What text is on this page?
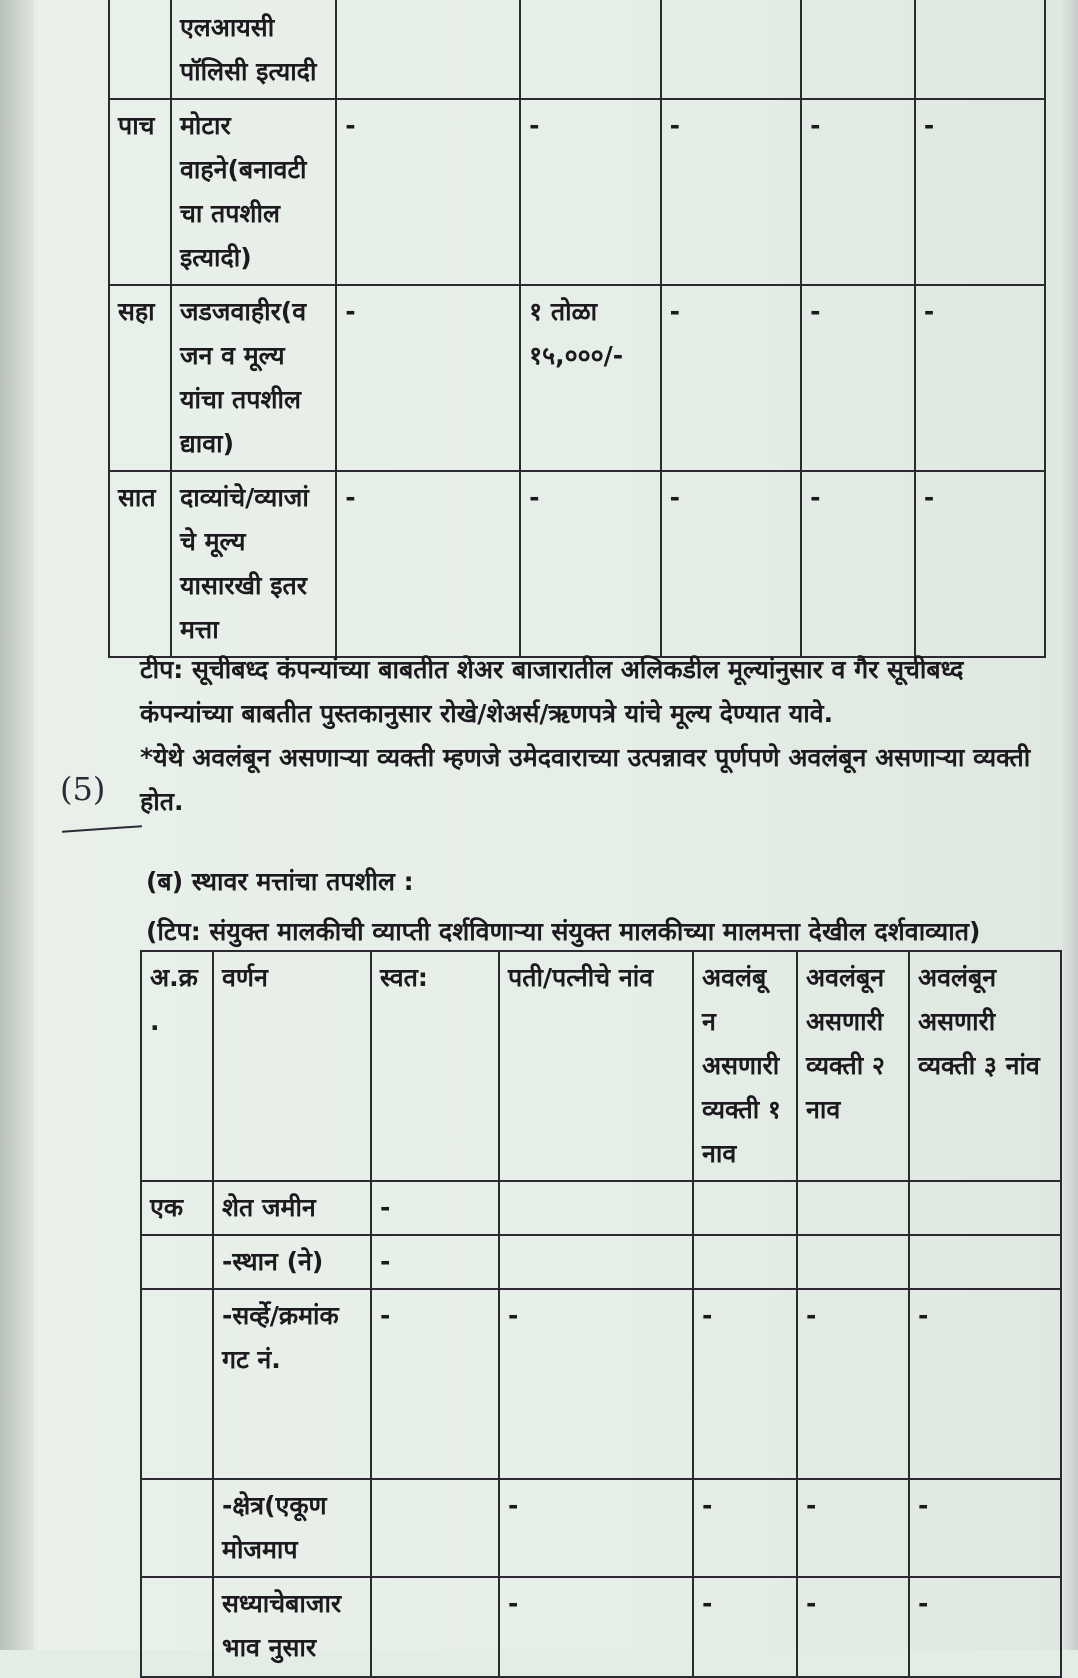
	एलआयसी पॉलिसी इत्यादी					
पाच	मोटार वाहने(बनावटी चा तपशील इत्यादी)	-	-	-	-	-
सहा	जडजवाहीर(व जन व मूल्य यांचा तपशील द्यावा)	-	१ तोळा १५,०००/-	-	-	-
सात	दाव्यांचे/व्याजां चे मूल्य यासारखी इतर मत्ता	-	-	-	-	-
टीप: सूचीबध्द कंपन्यांच्या बाबतीत शेअर बाजारातील अलिकडील मूल्यांनुसार व गैर सूचीबध्द कंपन्यांच्या बाबतीत पुस्तकानुसार रोखे/शेअर्स/ऋणपत्रे यांचे मूल्य देण्यात यावे.
*येथे अवलंबून असणाऱ्या व्यक्ती म्हणजे उमेदवाराच्या उत्पन्नावर पूर्णपणे अवलंबून असणाऱ्या व्यक्ती होत.
(5)
(ब) स्थावर मत्तांचा तपशील :
(टिप: संयुक्त मालकीची व्याप्ती दर्शविणाऱ्या संयुक्त मालकीच्या मालमत्ता देखील दर्शवाव्यात)
अ.क्र .	वर्णन	स्वत:	पती/पत्नीचे नांव	अवलंबू न असणारी व्यक्ती १ नाव	अवलंबून असणारी व्यक्ती २ नाव	अवलंबून असणारी व्यक्ती ३ नांव
एक	शेत जमीन	-				
	-स्थान (ने)	-				
	-सर्व्हे/क्रमांक गट नं.	-	-	-	-	-
	-क्षेत्र(एकूण मोजमाप		-	-	-	-
	सध्याचेबाजार भाव नुसार		-	-	-	-
